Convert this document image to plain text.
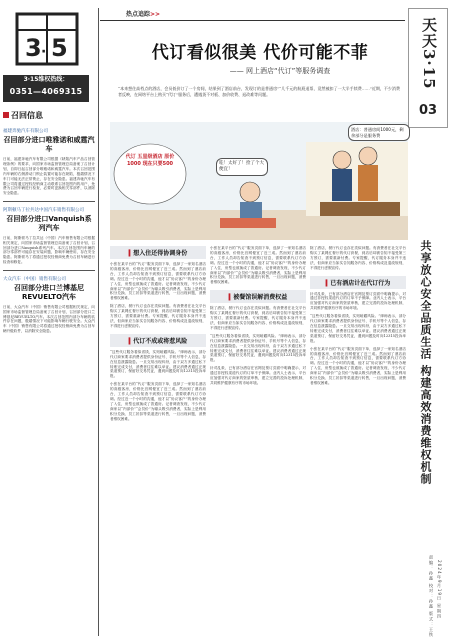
3 5
·
3·15维权热线：
0351—4069315
召回信息
福建奔驰汽车有限公司
召回部分进口唯雅诺和威霆汽车
日前，福建奔驰汽车有限公司根据《缺陷汽车产品召回管理条例》的要求，向国家市场监督管理总局备案了召回计划，自即日起召回部分唯雅诺和威霆汽车。本次召回范围内车辆的右侧滑动门锁止装置可能存在缺陷，极端情况下车门可能无法正常锁止，存在安全隐患。福建奔驰汽车有限公司将通过授权经销商主动联系召回范围内的用户，免费为召回车辆进行检查，必要时更换相关零部件，以消除安全隐患。
阿斯顿马丁拉共达中国汽车销售有限公司
召回部分进口Vanquish系列汽车
日前，阿斯顿马丁拉共达（中国）汽车销售有限公司根据相关规定，向国家市场监督管理总局备案了召回计划，召回部分进口Vanquish系列汽车。本次召回范围内车辆的部分零部件可能存在安装问题，影响车辆使用，存在安全隐患。阿斯顿马丁将通过授权经销商免费为召回车辆进行检查和修复。
大众汽车（中国）销售有限公司
召回部分进口兰博基尼REVUELTO汽车
日前，大众汽车（中国）销售有限公司根据相关规定，向国家市场监督管理总局备案了召回计划，召回部分进口兰博基尼REVUELTO汽车。本次召回范围内部分车辆的软件存在问题，极端情况下可能影响车辆行驶安全。大众汽车（中国）销售有限公司将通过授权经销商免费为召回车辆升级软件，以消除安全隐患。
热点追踪>>
天天3·15
03
共享放心安全品质生活 构建高效消费维权机制
责编：孙鑫 校对：孙鑫 版式：王铁 2024年9月19日 星期四
代订看似很美 代价可能不菲
—— 网上酒店“代订”等服务调查
“本来想住高档点的酒店，会员低价订了一个房间，结果到了酒店前台，发现订的是普通房”“几千元的航班退票，竟然被扣了一大半手续费……”近期，不少消费者反映，在网络平台上购买“代订”服务后，遭遇货不对板、加价收费、退改难等问题。
代订 五星级酒店 原价1000 现在只要500	哇！太好了！捡了个大便宜！
酒店：普通房间1000元，剩余部分是服务费
▍想入住还得协调身份
小张在某平台的“代订”服务页面下单，选择了一家知名酒店的高级客房，价格比官网便宜了近三成。然而到了酒店前台，工作人员却告知查不到预订信息，需要联系代订方协调。经过近一个小时的沟通，他才以“协议客户”的身份办理了入住，房型也被换成了普通房。记者调查发现，不少代订商家以“内部价”“会员价”为噱头吸引消费者，实际上是利用积分兑换、员工折扣等渠道进行转售，一旦出现问题，消费者维权困难。
除了酒店，餐厅代订也存在类似问题。有消费者在社交平台购买了某网红餐厅的代订套餐，到店后却被告知不接受第三方预订，需要重新付费。专家提醒，代订服务本身并不违法，但商家应当如实告知服务内容、价格构成及退改规则，不得进行虚假宣传。
▍代订不成或将惹风险
“这些代订服务看似省钱，实则暗藏风险。”律师表示，部分代订商家要求消费者提供身份证号、手机号等个人信息，存在信息泄露隐患。一旦交易出现纠纷，由于双方多通过私下转账完成支付，消费者往往难以举证。建议消费者通过正规渠道预订，保留好交易凭证，遇到问题及时向12315投诉举报。
小张在某平台的“代订”服务页面下单，选择了一家知名酒店的高级客房，价格比官网便宜了近三成。然而到了酒店前台，工作人员却告知查不到预订信息，需要联系代订方协调。经过近一个小时的沟通，他才以“协议客户”的身份办理了入住，房型也被换成了普通房。记者调查发现，不少代订商家以“内部价”“会员价”为噱头吸引消费者，实际上是利用积分兑换、员工折扣等渠道进行转售，一旦出现问题，消费者维权困难。
小张在某平台的“代订”服务页面下单，选择了一家知名酒店的高级客房，价格比官网便宜了近三成。然而到了酒店前台，工作人员却告知查不到预订信息，需要联系代订方协调。经过近一个小时的沟通，他才以“协议客户”的身份办理了入住，房型也被换成了普通房。记者调查发现，不少代订商家以“内部价”“会员价”为噱头吸引消费者，实际上是利用积分兑换、员工折扣等渠道进行转售，一旦出现问题，消费者维权困难。
▍被餐馆误解消费权益
除了酒店，餐厅代订也存在类似问题。有消费者在社交平台购买了某网红餐厅的代订套餐，到店后却被告知不接受第三方预订，需要重新付费。专家提醒，代订服务本身并不违法，但商家应当如实告知服务内容、价格构成及退改规则，不得进行虚假宣传。
“这些代订服务看似省钱，实则暗藏风险。”律师表示，部分代订商家要求消费者提供身份证号、手机号等个人信息，存在信息泄露隐患。一旦交易出现纠纷，由于双方多通过私下转账完成支付，消费者往往难以举证。建议消费者通过正规渠道预订，保留好交易凭证，遇到问题及时向12315投诉举报。
针对乱象，已有部分酒店在官网及预订页面中明确提示，对通过非授权渠道代订的订单不予保障。业内人士表示，平台应加强对代订商家的资质审核，建立完善的投诉处理机制，共同维护健康有序的市场环境。
除了酒店，餐厅代订也存在类似问题。有消费者在社交平台购买了某网红餐厅的代订套餐，到店后却被告知不接受第三方预订，需要重新付费。专家提醒，代订服务本身并不违法，但商家应当如实告知服务内容、价格构成及退改规则，不得进行虚假宣传。
▍已有酒店计在代订行为
针对乱象，已有部分酒店在官网及预订页面中明确提示，对通过非授权渠道代订的订单不予保障。业内人士表示，平台应加强对代订商家的资质审核，建立完善的投诉处理机制，共同维护健康有序的市场环境。
“这些代订服务看似省钱，实则暗藏风险。”律师表示，部分代订商家要求消费者提供身份证号、手机号等个人信息，存在信息泄露隐患。一旦交易出现纠纷，由于双方多通过私下转账完成支付，消费者往往难以举证。建议消费者通过正规渠道预订，保留好交易凭证，遇到问题及时向12315投诉举报。
小张在某平台的“代订”服务页面下单，选择了一家知名酒店的高级客房，价格比官网便宜了近三成。然而到了酒店前台，工作人员却告知查不到预订信息，需要联系代订方协调。经过近一个小时的沟通，他才以“协议客户”的身份办理了入住，房型也被换成了普通房。记者调查发现，不少代订商家以“内部价”“会员价”为噱头吸引消费者，实际上是利用积分兑换、员工折扣等渠道进行转售，一旦出现问题，消费者维权困难。
